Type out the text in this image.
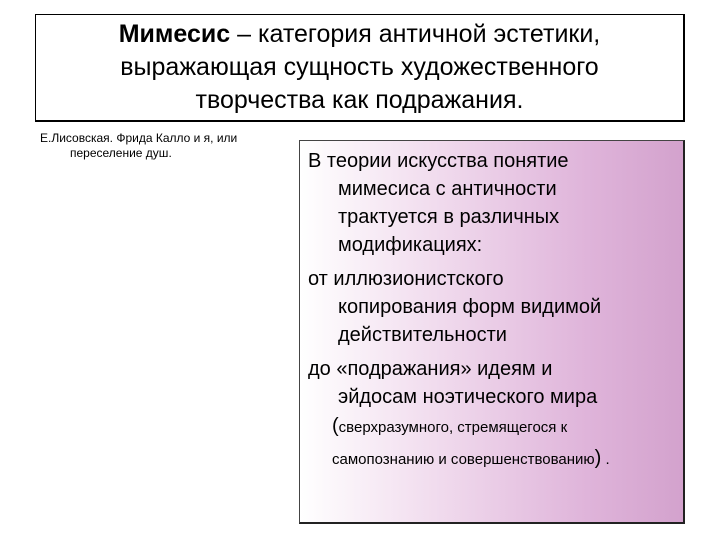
Мимесис – категория античной эстетики,
выражающая сущность художественного
творчества как подражания.

Е.Лисовская. Фрида Калло и я, или
переселение душ.	В теории искусства понятие
мимесиса с античности
трактуется в различных
модификациях:

от иллюзионистского
копирования форм видимой
действительности

до «подражания» идеям и
эйдосам ноэтического мира
(сверхразумного, стремящегося к
самопознанию и совершенствованию) .
